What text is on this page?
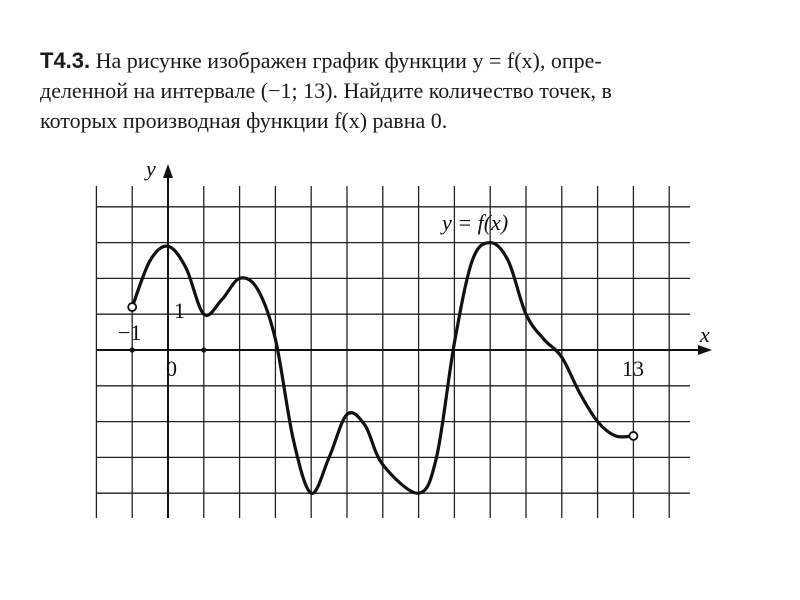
Т4.3. На рисунке изображен график функции y = f(x), опре-
деленной на интервале (−1; 13). Найдите количество точек, в
которых производная функции f(x) равна 0.
x
y
−1
0	13
1
y = f(x)
